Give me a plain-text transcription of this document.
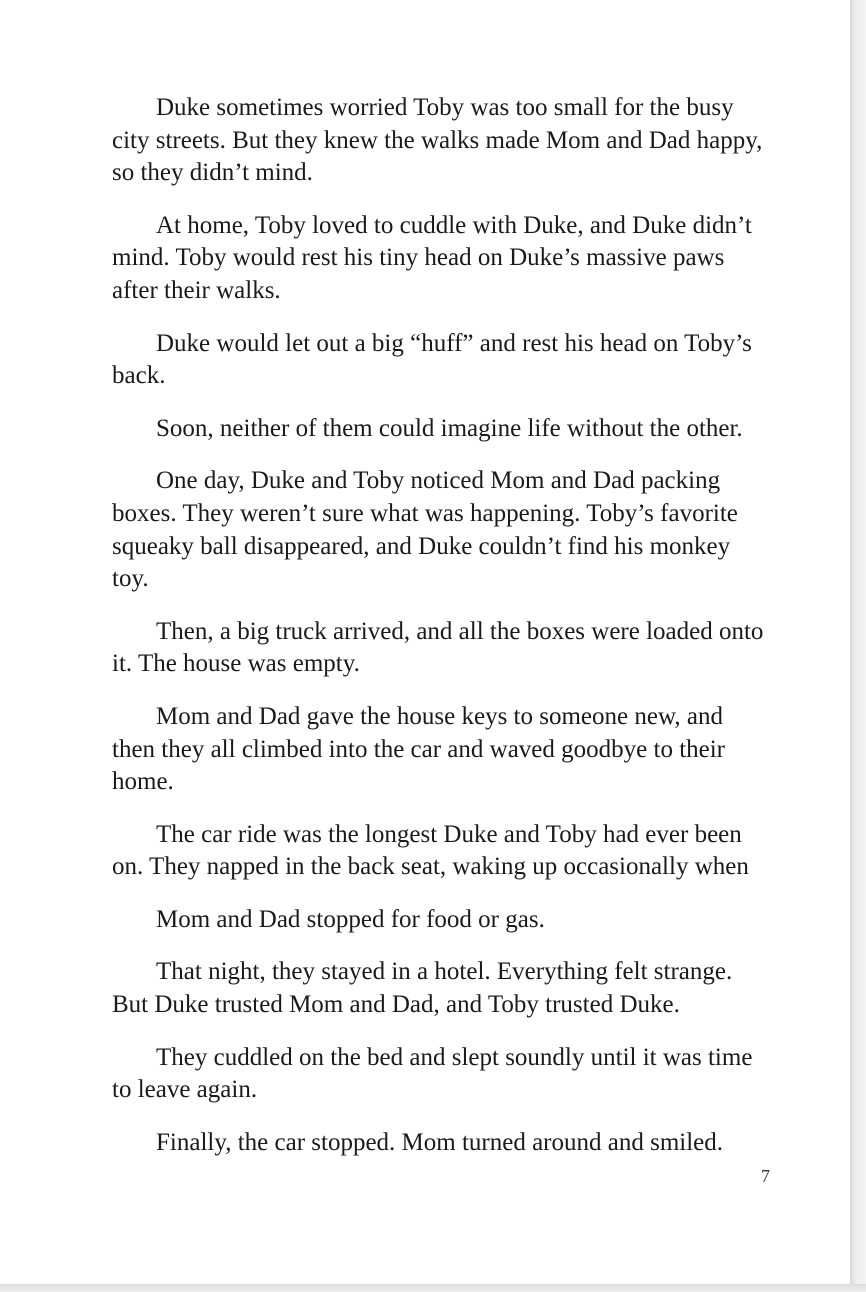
Duke sometimes worried Toby was too small for the busy city streets. But they knew the walks made Mom and Dad happy, so they didn’t mind.

At home, Toby loved to cuddle with Duke, and Duke didn’t mind. Toby would rest his tiny head on Duke’s massive paws after their walks.

Duke would let out a big “huff” and rest his head on Toby’s back.

Soon, neither of them could imagine life without the other.

One day, Duke and Toby noticed Mom and Dad packing boxes. They weren’t sure what was happening. Toby’s favorite squeaky ball disappeared, and Duke couldn’t find his monkey toy.

Then, a big truck arrived, and all the boxes were loaded onto it. The house was empty.

Mom and Dad gave the house keys to someone new, and then they all climbed into the car and waved goodbye to their home.

The car ride was the longest Duke and Toby had ever been on. They napped in the back seat, waking up occasionally when

Mom and Dad stopped for food or gas.

That night, they stayed in a hotel. Everything felt strange. But Duke trusted Mom and Dad, and Toby trusted Duke.

They cuddled on the bed and slept soundly until it was time to leave again.

Finally, the car stopped. Mom turned around and smiled.

7
